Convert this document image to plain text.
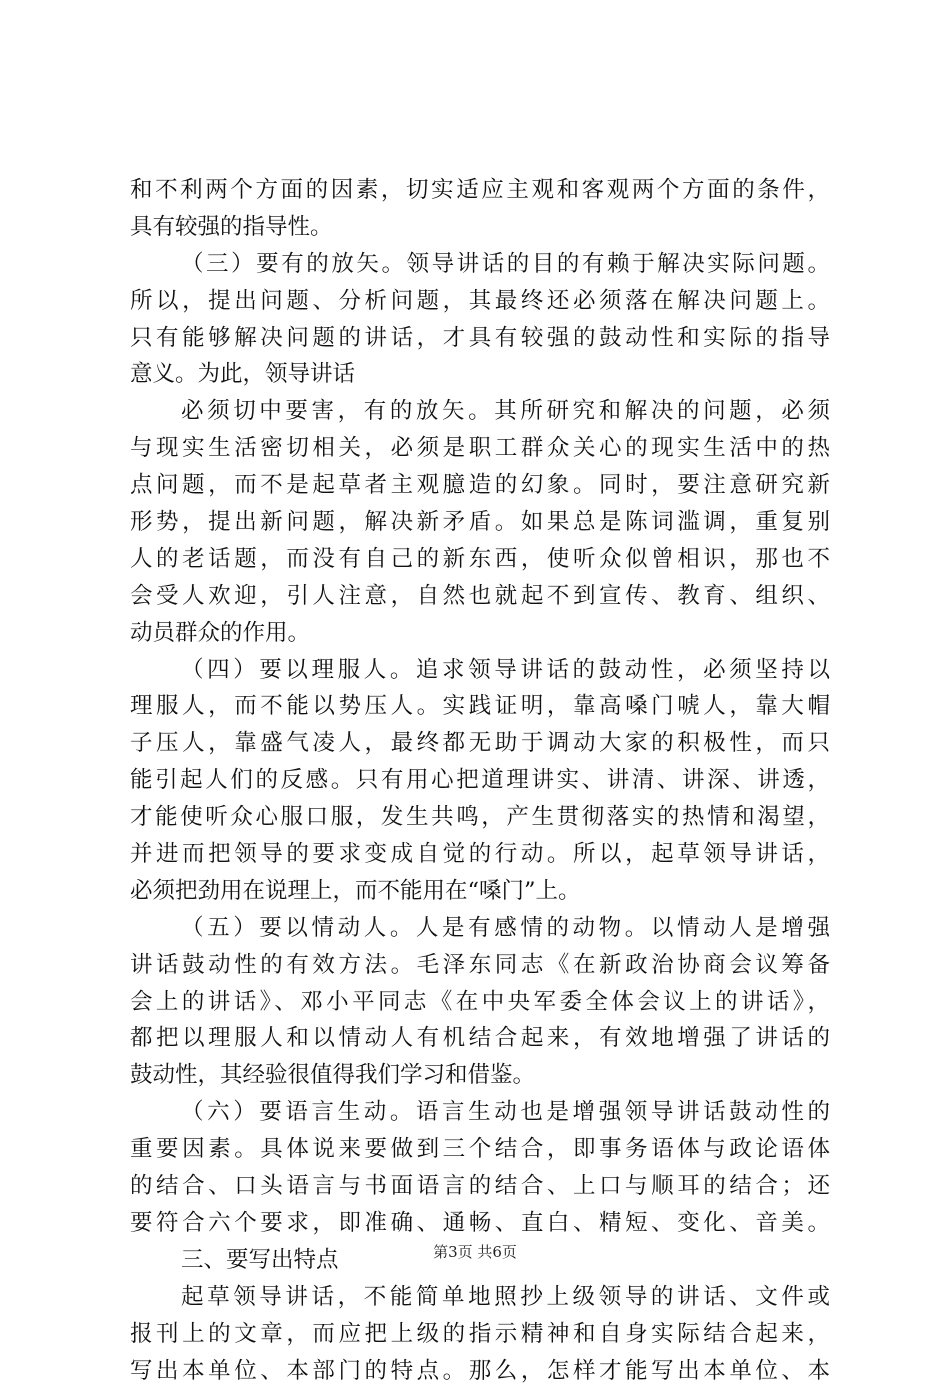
和不利两个方面的因素，切实适应主观和客观两个方面的条件，
具有较强的指导性。
（三）要有的放矢。领导讲话的目的有赖于解决实际问题。
所以，提出问题、分析问题，其最终还必须落在解决问题上。
只有能够解决问题的讲话，才具有较强的鼓动性和实际的指导
意义。为此，领导讲话
必须切中要害，有的放矢。其所研究和解决的问题，必须
与现实生活密切相关，必须是职工群众关心的现实生活中的热
点问题，而不是起草者主观臆造的幻象。同时，要注意研究新
形势，提出新问题，解决新矛盾。如果总是陈词滥调，重复别
人的老话题，而没有自己的新东西，使听众似曾相识，那也不
会受人欢迎，引人注意，自然也就起不到宣传、教育、组织、
动员群众的作用。
（四）要以理服人。追求领导讲话的鼓动性，必须坚持以
理服人，而不能以势压人。实践证明，靠高嗓门唬人，靠大帽
子压人，靠盛气凌人，最终都无助于调动大家的积极性，而只
能引起人们的反感。只有用心把道理讲实、讲清、讲深、讲透，
才能使听众心服口服，发生共鸣，产生贯彻落实的热情和渴望，
并进而把领导的要求变成自觉的行动。所以，起草领导讲话，
必须把劲用在说理上，而不能用在“嗓门”上。
（五）要以情动人。人是有感情的动物。以情动人是增强
讲话鼓动性的有效方法。毛泽东同志《在新政治协商会议筹备
会上的讲话》、邓小平同志《在中央军委全体会议上的讲话》，
都把以理服人和以情动人有机结合起来，有效地增强了讲话的
鼓动性，其经验很值得我们学习和借鉴。
（六）要语言生动。语言生动也是增强领导讲话鼓动性的
重要因素。具体说来要做到三个结合，即事务语体与政论语体
的结合、口头语言与书面语言的结合、上口与顺耳的结合；还
要符合六个要求，即准确、通畅、直白、精短、变化、音美。
三、要写出特点
起草领导讲话，不能简单地照抄上级领导的讲话、文件或
报刊上的文章，而应把上级的指示精神和自身实际结合起来，
写出本单位、本部门的特点。那么，怎样才能写出本单位、本
第3页 共6页
